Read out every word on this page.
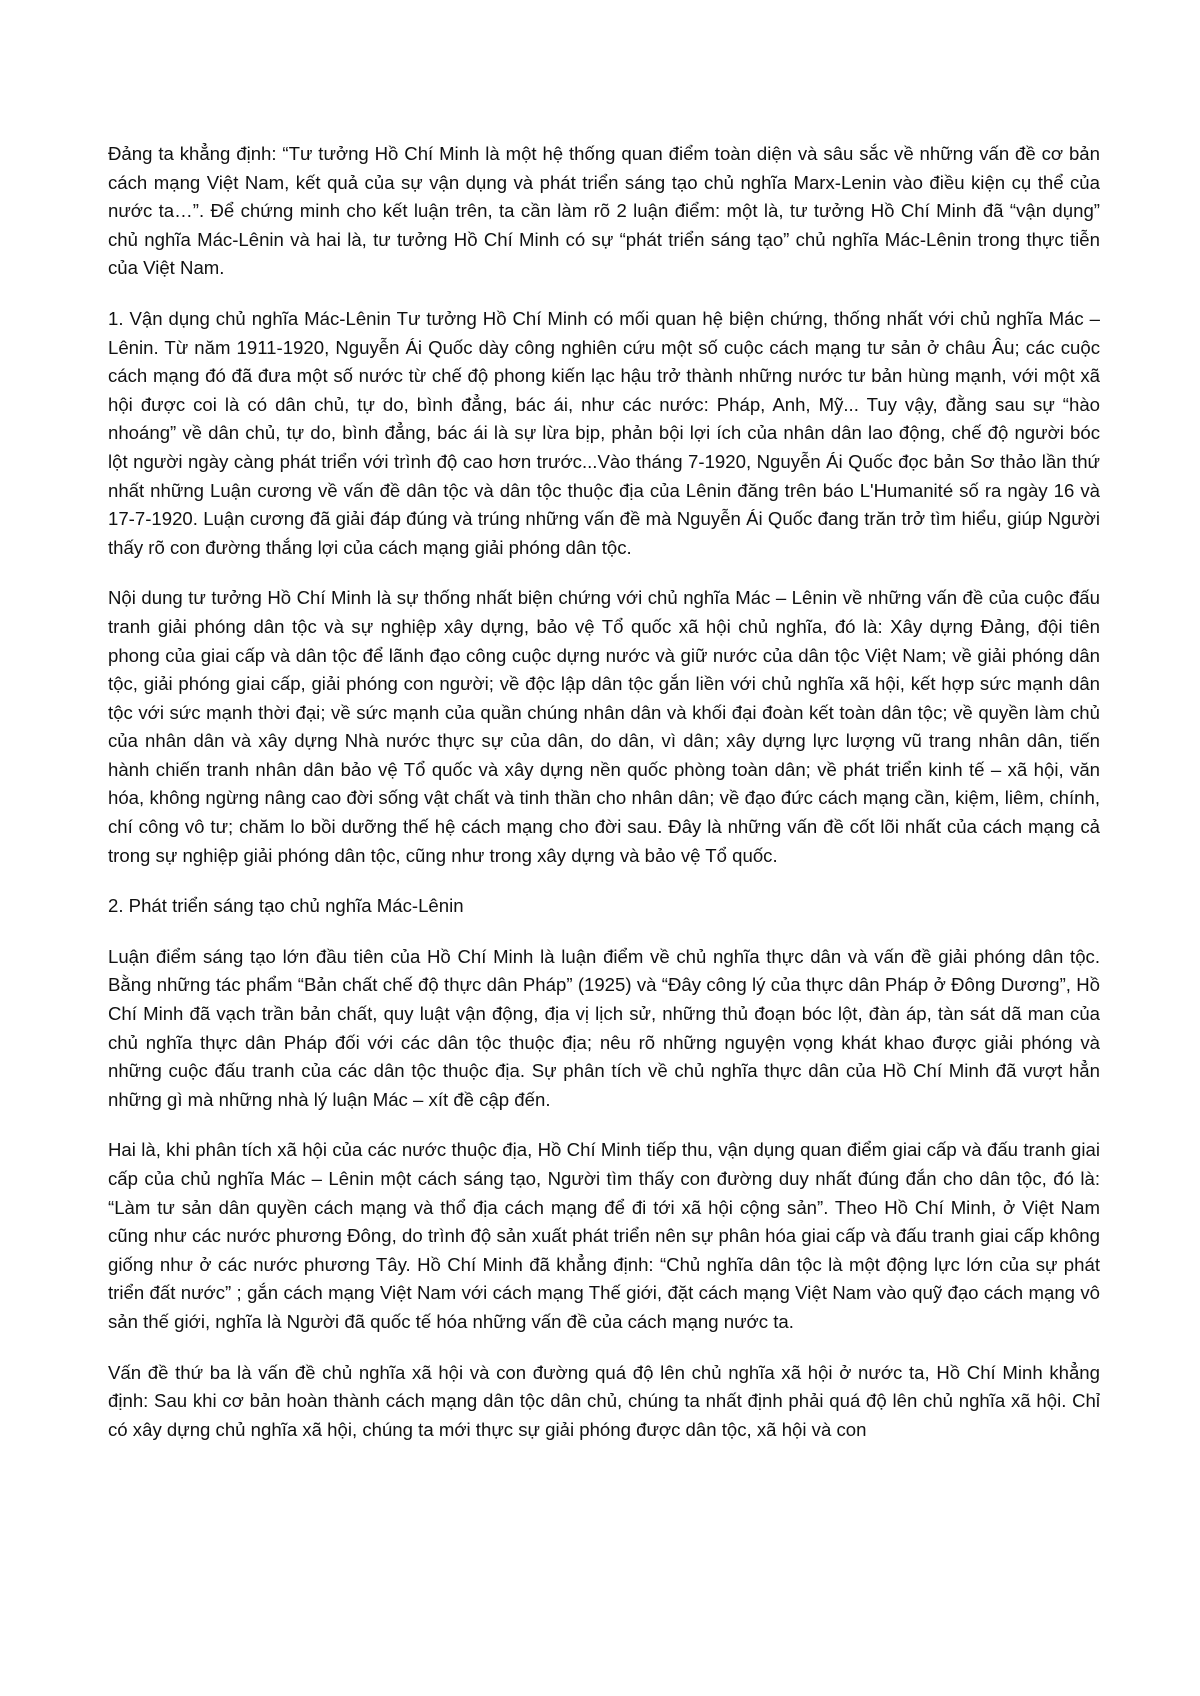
Đảng ta khẳng định: “Tư tưởng Hồ Chí Minh là một hệ thống quan điểm toàn diện và sâu sắc về những vấn đề cơ bản cách mạng Việt Nam, kết quả của sự vận dụng và phát triển sáng tạo chủ nghĩa Marx-Lenin vào điều kiện cụ thể của nước ta…”. Để chứng minh cho kết luận trên, ta cần làm rõ 2 luận điểm: một là, tư tưởng Hồ Chí Minh đã “vận dụng” chủ nghĩa Mác-Lênin và hai là, tư tưởng Hồ Chí Minh có sự “phát triển sáng tạo” chủ nghĩa Mác-Lênin trong thực tiễn của Việt Nam.

1. Vận dụng chủ nghĩa Mác-Lênin Tư tưởng Hồ Chí Minh có mối quan hệ biện chứng, thống nhất với chủ nghĩa Mác – Lênin. Từ năm 1911-1920, Nguyễn Ái Quốc dày công nghiên cứu một số cuộc cách mạng tư sản ở châu Âu; các cuộc cách mạng đó đã đưa một số nước từ chế độ phong kiến lạc hậu trở thành những nước tư bản hùng mạnh, với một xã hội được coi là có dân chủ, tự do, bình đẳng, bác ái, như các nước: Pháp, Anh, Mỹ... Tuy vậy, đằng sau sự “hào nhoáng” về dân chủ, tự do, bình đẳng, bác ái là sự lừa bịp, phản bội lợi ích của nhân dân lao động, chế độ người bóc lột người ngày càng phát triển với trình độ cao hơn trước...Vào tháng 7-1920, Nguyễn Ái Quốc đọc bản Sơ thảo lần thứ nhất những Luận cương về vấn đề dân tộc và dân tộc thuộc địa của Lênin đăng trên báo L'Humanité số ra ngày 16 và 17-7-1920. Luận cương đã giải đáp đúng và trúng những vấn đề mà Nguyễn Ái Quốc đang trăn trở tìm hiểu, giúp Người thấy rõ con đường thắng lợi của cách mạng giải phóng dân tộc.

Nội dung tư tưởng Hồ Chí Minh là sự thống nhất biện chứng với chủ nghĩa Mác – Lênin về những vấn đề của cuộc đấu tranh giải phóng dân tộc và sự nghiệp xây dựng, bảo vệ Tổ quốc xã hội chủ nghĩa, đó là: Xây dựng Đảng, đội tiên phong của giai cấp và dân tộc để lãnh đạo công cuộc dựng nước và giữ nước của dân tộc Việt Nam; về giải phóng dân tộc, giải phóng giai cấp, giải phóng con người; về độc lập dân tộc gắn liền với chủ nghĩa xã hội, kết hợp sức mạnh dân tộc với sức mạnh thời đại; về sức mạnh của quần chúng nhân dân và khối đại đoàn kết toàn dân tộc; về quyền làm chủ của nhân dân và xây dựng Nhà nước thực sự của dân, do dân, vì dân; xây dựng lực lượng vũ trang nhân dân, tiến hành chiến tranh nhân dân bảo vệ Tổ quốc và xây dựng nền quốc phòng toàn dân; về phát triển kinh tế – xã hội, văn hóa, không ngừng nâng cao đời sống vật chất và tinh thần cho nhân dân; về đạo đức cách mạng cần, kiệm, liêm, chính, chí công vô tư; chăm lo bồi dưỡng thế hệ cách mạng cho đời sau. Đây là những vấn đề cốt lõi nhất của cách mạng cả trong sự nghiệp giải phóng dân tộc, cũng như trong xây dựng và bảo vệ Tổ quốc.

2. Phát triển sáng tạo chủ nghĩa Mác-Lênin

Luận điểm sáng tạo lớn đầu tiên của Hồ Chí Minh là luận điểm về chủ nghĩa thực dân và vấn đề giải phóng dân tộc. Bằng những tác phẩm “Bản chất chế độ thực dân Pháp” (1925) và “Đây công lý của thực dân Pháp ở Đông Dương”, Hồ Chí Minh đã vạch trần bản chất, quy luật vận động, địa vị lịch sử, những thủ đoạn bóc lột, đàn áp, tàn sát dã man của chủ nghĩa thực dân Pháp đối với các dân tộc thuộc địa; nêu rõ những nguyện vọng khát khao được giải phóng và những cuộc đấu tranh của các dân tộc thuộc địa. Sự phân tích về chủ nghĩa thực dân của Hồ Chí Minh đã vượt hẳn những gì mà những nhà lý luận Mác – xít đề cập đến.

Hai là, khi phân tích xã hội của các nước thuộc địa, Hồ Chí Minh tiếp thu, vận dụng quan điểm giai cấp và đấu tranh giai cấp của chủ nghĩa Mác – Lênin một cách sáng tạo, Người tìm thấy con đường duy nhất đúng đắn cho dân tộc, đó là: “Làm tư sản dân quyền cách mạng và thổ địa cách mạng để đi tới xã hội cộng sản”. Theo Hồ Chí Minh, ở Việt Nam cũng như các nước phương Đông, do trình độ sản xuất phát triển nên sự phân hóa giai cấp và đấu tranh giai cấp không giống như ở các nước phương Tây. Hồ Chí Minh đã khẳng định: “Chủ nghĩa dân tộc là một động lực lớn của sự phát triển đất nước” ; gắn cách mạng Việt Nam với cách mạng Thế giới, đặt cách mạng Việt Nam vào quỹ đạo cách mạng vô sản thế giới, nghĩa là Người đã quốc tế hóa những vấn đề của cách mạng nước ta.

Vấn đề thứ ba là vấn đề chủ nghĩa xã hội và con đường quá độ lên chủ nghĩa xã hội ở nước ta, Hồ Chí Minh khẳng định: Sau khi cơ bản hoàn thành cách mạng dân tộc dân chủ, chúng ta nhất định phải quá độ lên chủ nghĩa xã hội. Chỉ có xây dựng chủ nghĩa xã hội, chúng ta mới thực sự giải phóng được dân tộc, xã hội và con
